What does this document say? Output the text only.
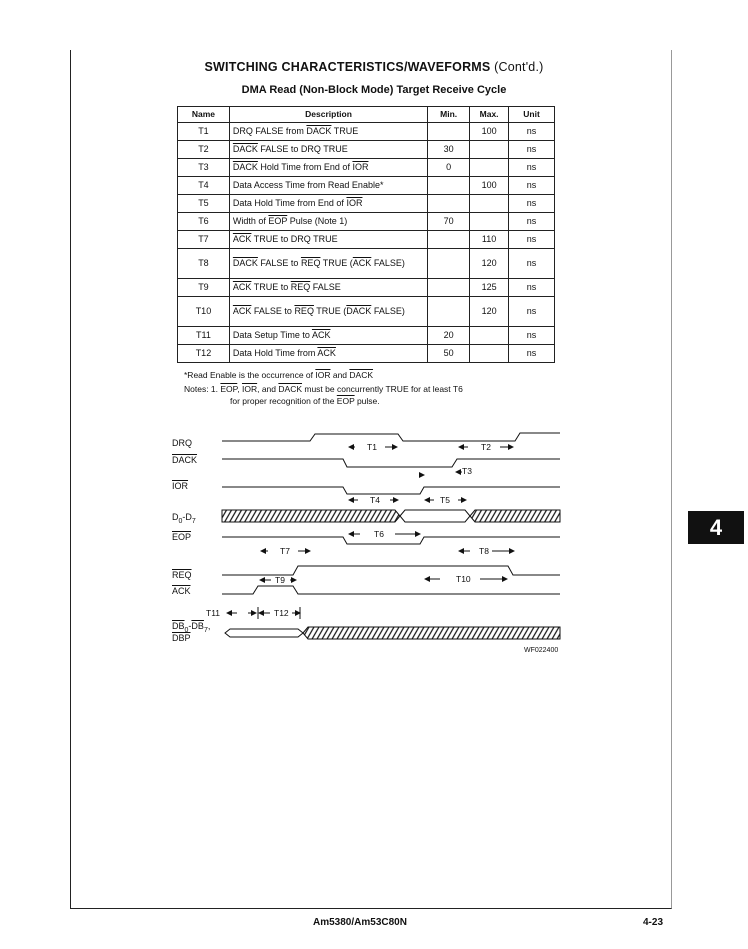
SWITCHING CHARACTERISTICS/WAVEFORMS (Cont'd.)
DMA Read (Non-Block Mode) Target Receive Cycle
Name	Description	Min.	Max.	Unit
T1	DRQ FALSE from DACK TRUE		100	ns
T2	DACK FALSE to DRQ TRUE	30		ns
T3	DACK Hold Time from End of $\overline{IOR}$	0		ns
T4	Data Access Time from Read Enable*		100	ns
T5	Data Hold Time from End of $\overline{IOR}$			ns
T6	Width of $\overline{EOP}$ Pulse (Note 1)	70		ns
T7	$\overline{ACK}$ TRUE to DRQ TRUE		110	ns
T8	DACK FALSE to $\overline{REQ}$ TRUE ($\overline{ACK}$ FALSE)		120	ns
T9	$\overline{ACK}$ TRUE to $\overline{REQ}$ FALSE		125	ns
T10	$\overline{ACK}$ FALSE to $\overline{REQ}$ TRUE (DACK FALSE)		120	ns
T11	Data Setup Time to $\overline{ACK}$	20		ns
T12	Data Hold Time from $\overline{ACK}$	50		ns
*Read Enable is the occurrence of $\overline{IOR}$ and DACK
Notes: 1. $\overline{EOP}$, $\overline{IOR}$, and DACK must be concurrently TRUE for at least T6
for proper recognition of the $\overline{EOP}$ pulse.
DRQ
DACK
$\overline{IOR}$
$D_0-D_7$
$\overline{EOP}$
$\overline{REQ}$
$\overline{ACK}$
$\overline{DB}_0-\overline{DB}_7$,
$\overline{DBP}$
T1	T2
T3
T4	T5
T6
T7	T8
T9	T10
T11	T12
WF022400
4
Am5380/Am53C80N	4-23
